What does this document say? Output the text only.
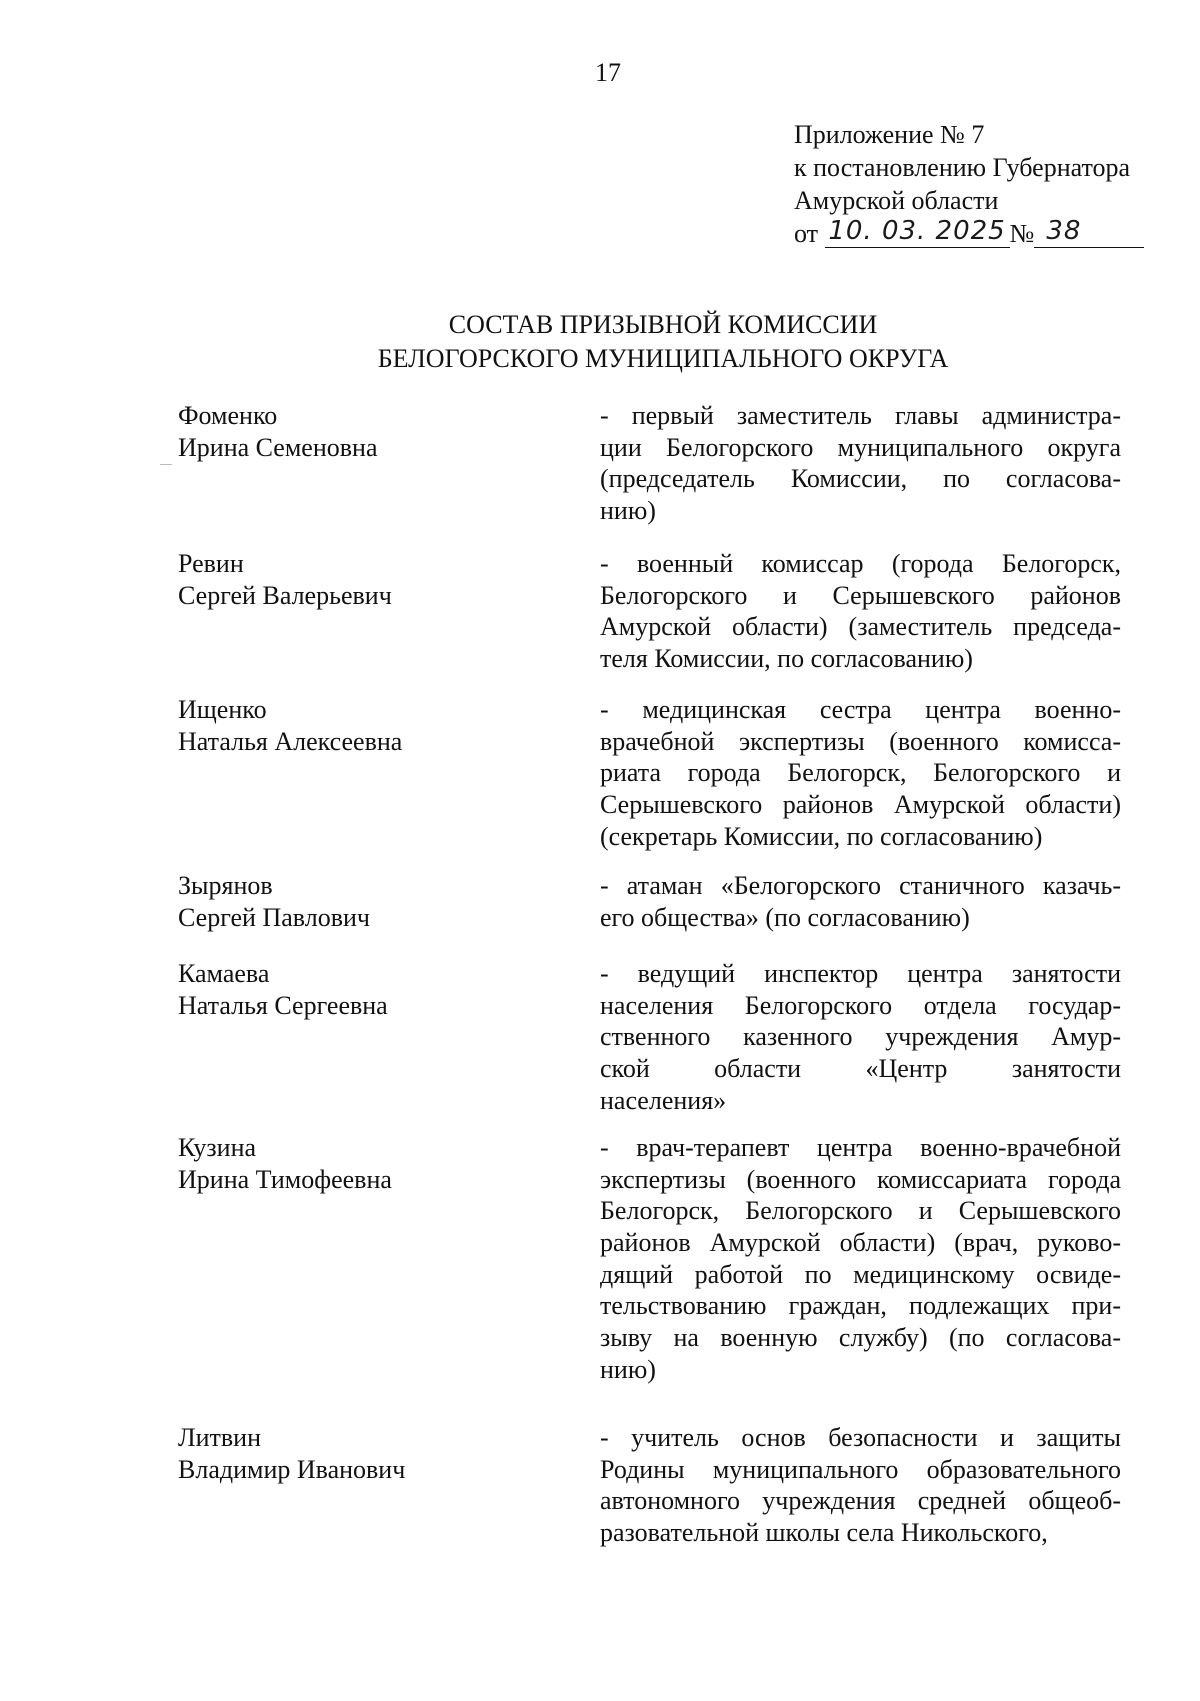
17
Приложение № 7
к постановлению Губернатора
Амурской области
от 10. 03. 2025 № 38
СОСТАВ ПРИЗЫВНОЙ КОМИССИИ
БЕЛОГОРСКОГО МУНИЦИПАЛЬНОГО ОКРУГА
Фоменко
Ирина Семеновна
- первый заместитель главы администра-
ции Белогорского муниципального округа
(председатель Комиссии, по согласова-
нию)
Ревин
Сергей Валерьевич
- военный комиссар (города Белогорск,
Белогорского и Серышевского районов
Амурской области) (заместитель председа-
теля Комиссии, по согласованию)
Ищенко
Наталья Алексеевна
- медицинская сестра центра военно-
врачебной экспертизы (военного комисса-
риата города Белогорск, Белогорского и
Серышевского районов Амурской области)
(секретарь Комиссии, по согласованию)
Зырянов
Сергей Павлович
- атаман «Белогорского станичного казачь-
его общества» (по согласованию)
Камаева
Наталья Сергеевна
- ведущий инспектор центра занятости
населения Белогорского отдела государ-
ственного казенного учреждения Амур-
ской области «Центр занятости
населения»
Кузина
Ирина Тимофеевна
- врач-терапевт центра военно-врачебной
экспертизы (военного комиссариата города
Белогорск, Белогорского и Серышевского
районов Амурской области) (врач, руково-
дящий работой по медицинскому освиде-
тельствованию граждан, подлежащих при-
зыву на военную службу) (по согласова-
нию)
Литвин
Владимир Иванович
- учитель основ безопасности и защиты
Родины муниципального образовательного
автономного учреждения средней общеоб-
разовательной школы села Никольского,
